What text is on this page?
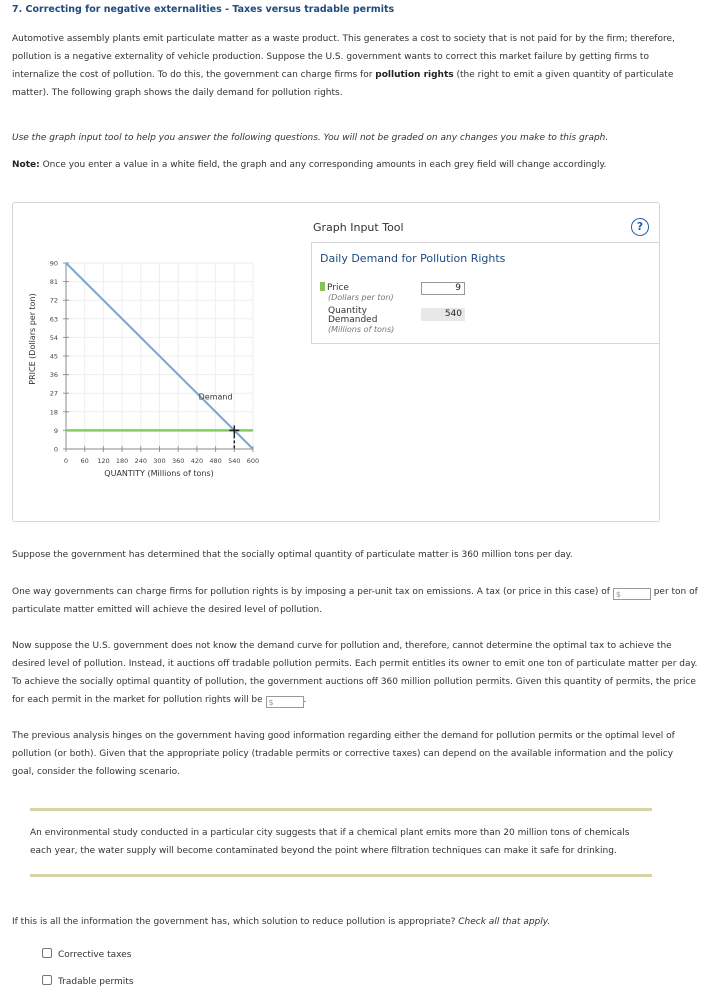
7. Correcting for negative externalities - Taxes versus tradable permits
Automotive assembly plants emit particulate matter as a waste product. This generates a cost to society that is not paid for by the firm; therefore, pollution is a negative externality of vehicle production. Suppose the U.S. government wants to correct this market failure by getting firms to internalize the cost of pollution. To do this, the government can charge firms for pollution rights (the right to emit a given quantity of particulate matter). The following graph shows the daily demand for pollution rights.
Use the graph input tool to help you answer the following questions. You will not be graded on any changes you make to this graph.
Note: Once you enter a value in a white field, the graph and any corresponding amounts in each grey field will change accordingly.
PRICE (Dollars per ton)
QUANTITY (Millions of tons)
0
9
18
27
36
45
54
63
72
81
90
0 60 120 180 240 300 360 420 480 540 600
Demand
Graph Input Tool	?
Daily Demand for Pollution Rights
Price
(Dollars per ton)
9
Quantity
Demanded
(Millions of tons)
540
Suppose the government has determined that the socially optimal quantity of particulate matter is 360 million tons per day.
One way governments can charge firms for pollution rights is by imposing a per-unit tax on emissions. A tax (or price in this case) of $	per ton of particulate matter emitted will achieve the desired level of pollution.
Now suppose the U.S. government does not know the demand curve for pollution and, therefore, cannot determine the optimal tax to achieve the desired level of pollution. Instead, it auctions off tradable pollution permits. Each permit entitles its owner to emit one ton of particulate matter per day. To achieve the socially optimal quantity of pollution, the government auctions off 360 million pollution permits. Given this quantity of permits, the price for each permit in the market for pollution rights will be $	.
The previous analysis hinges on the government having good information regarding either the demand for pollution permits or the optimal level of pollution (or both). Given that the appropriate policy (tradable permits or corrective taxes) can depend on the available information and the policy goal, consider the following scenario.
An environmental study conducted in a particular city suggests that if a chemical plant emits more than 20 million tons of chemicals each year, the water supply will become contaminated beyond the point where filtration techniques can make it safe for drinking.
If this is all the information the government has, which solution to reduce pollution is appropriate? Check all that apply.
Corrective taxes
Tradable permits
